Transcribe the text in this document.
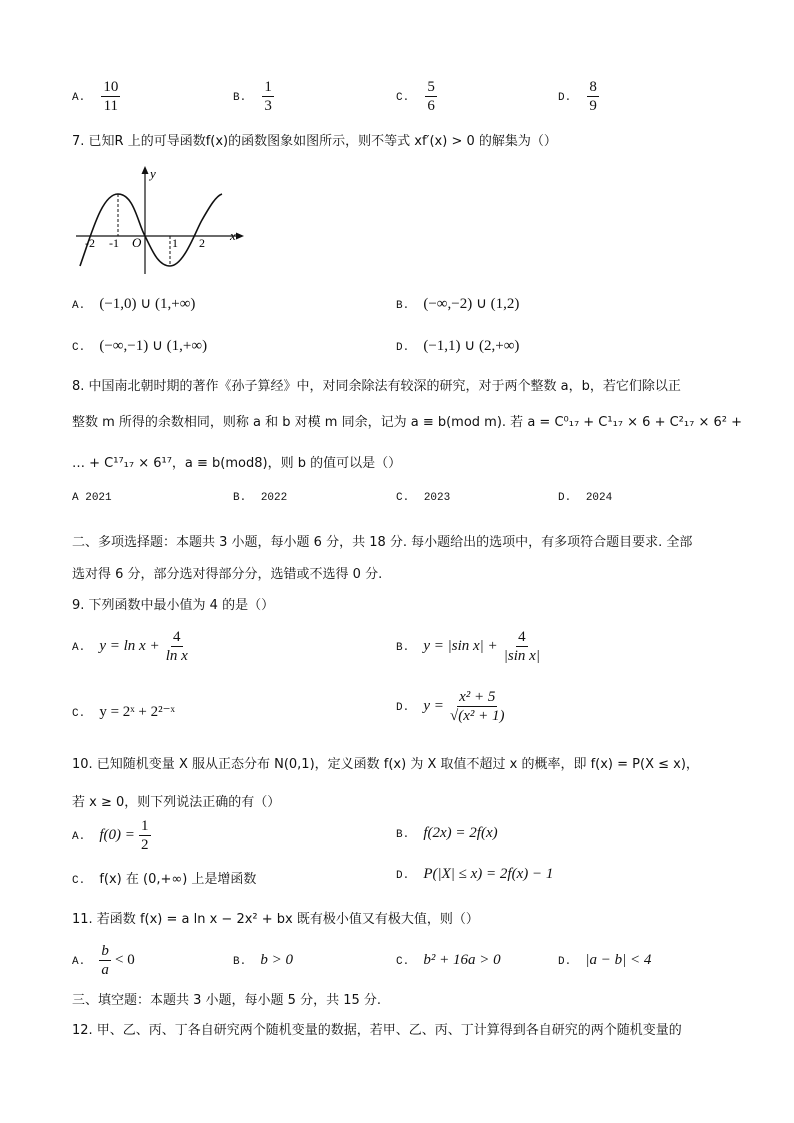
A. $\frac{10}{11}$	B. $\frac{1}{3}$	C. $\frac{5}{6}$	D. $\frac{8}{9}$
7. 已知R 上的可导函数f(x)的函数图象如图所示，则不等式 xf′(x) > 0 的解集为（）
y
x
O
-2 -1	1 2
A. (−1,0) ∪ (1,+∞)	B. (−∞,−2) ∪ (1,2)
C. (−∞,−1) ∪ (1,+∞)	D. (−1,1) ∪ (2,+∞)
8. 中国南北朝时期的著作《孙子算经》中，对同余除法有较深的研究，对于两个整数 a，b，若它们除以正
整数 m 所得的余数相同，则称 a 和 b 对模 m 同余，记为 a ≡ b(mod m). 若 a = C⁰₁₇ + C¹₁₇ × 6 + C²₁₇ × 6² +
… + C¹⁷₁₇ × 6¹⁷，a ≡ b(mod8)，则 b 的值可以是（）
A 2021	B. 2022	C. 2023	D. 2024
二、多项选择题：本题共 3 小题，每小题 6 分，共 18 分. 每小题给出的选项中，有多项符合题目要求. 全部
选对得 6 分，部分选对得部分分，选错或不选得 0 分.
9. 下列函数中最小值为 4 的是（）
A. $y = \ln x + \frac{4}{\text{ln x}}$	B. y = |sin $x| + \frac{4}{\text{|sin x|}}$
C. y = 2ˣ + 2²⁻ˣ	D. $y = \frac{\text{x² + 5}}{\text{√(x² + 1)}}$
10. 已知随机变量 X 服从正态分布 N(0,1)，定义函数 f(x) 为 X 取值不超过 x 的概率，即 f(x) = P(X ≤ x)，
若 x ≥ 0，则下列说法正确的有（）
A. $f(0) = \frac{1}{2}$	B. f(2x) = 2f(x)
C. f(x) 在 (0,+∞) 上是增函数	D. P(|X| ≤ x) = 2f(x) − 1
11. 若函数 f(x) = a ln x − 2x² + bx 既有极小值又有极大值，则（）
A. $\frac{b}{a} < 0$	B. b > 0	C. b² + 16a > 0	D. |a − b| < 4
三、填空题：本题共 3 小题，每小题 5 分，共 15 分.
12. 甲、乙、丙、丁各自研究两个随机变量的数据，若甲、乙、丙、丁计算得到各自研究的两个随机变量的
